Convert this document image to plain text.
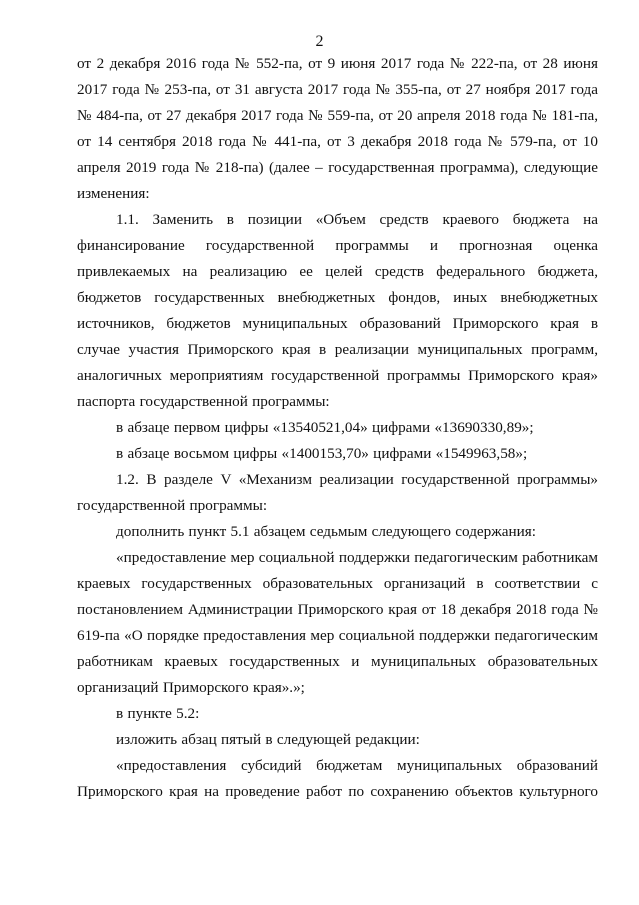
2

от 2 декабря 2016 года № 552-па, от 9 июня 2017 года № 222-па, от 28 июня 2017 года № 253-па, от 31 августа 2017 года № 355-па, от 27 ноября 2017 года № 484-па, от 27 декабря 2017 года № 559-па, от 20 апреля 2018 года № 181-па, от 14 сентября 2018 года № 441-па, от 3 декабря 2018 года № 579-па, от 10 апреля 2019 года № 218-па) (далее – государственная программа), следующие изменения:

1.1. Заменить в позиции «Объем средств краевого бюджета на финансирование государственной программы и прогнозная оценка привлекаемых на реализацию ее целей средств федерального бюджета, бюджетов государственных внебюджетных фондов, иных внебюджетных источников, бюджетов муниципальных образований Приморского края в случае участия Приморского края в реализации муниципальных программ, аналогичных мероприятиям государственной программы Приморского края» паспорта государственной программы:

в абзаце первом цифры «13540521,04» цифрами «13690330,89»;

в абзаце восьмом цифры «1400153,70» цифрами «1549963,58»;

1.2. В разделе V «Механизм реализации государственной программы» государственной программы:

дополнить пункт 5.1 абзацем седьмым следующего содержания:

«предоставление мер социальной поддержки педагогическим работникам краевых государственных образовательных организаций в соответствии с постановлением Администрации Приморского края от 18 декабря 2018 года № 619-па «О порядке предоставления мер социальной поддержки педагогическим работникам краевых государственных и муниципальных образовательных организаций Приморского края».»;

в пункте 5.2:

изложить абзац пятый в следующей редакции:

«предоставления субсидий бюджетам муниципальных образований Приморского края на проведение работ по сохранению объектов культурного
